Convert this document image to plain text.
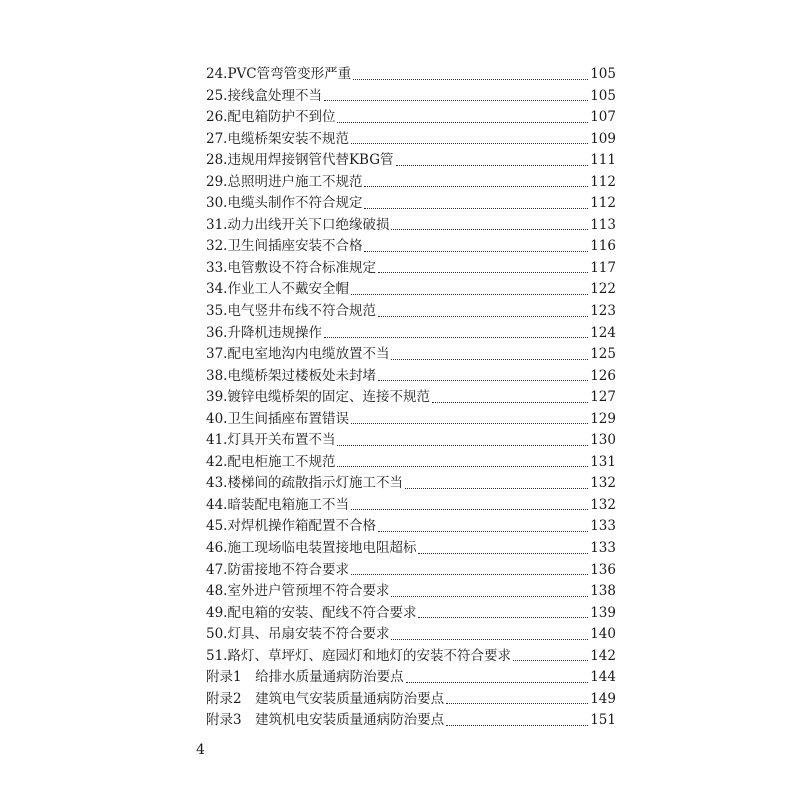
24.PVC管弯管变形严重	105
25.接线盒处理不当	105
26.配电箱防护不到位	107
27.电缆桥架安装不规范	109
28.违规用焊接钢管代替KBG管	111
29.总照明进户施工不规范	112
30.电缆头制作不符合规定	112
31.动力出线开关下口绝缘破损	113
32.卫生间插座安装不合格	116
33.电管敷设不符合标准规定	117
34.作业工人不戴安全帽	122
35.电气竖井布线不符合规范	123
36.升降机违规操作	124
37.配电室地沟内电缆放置不当	125
38.电缆桥架过楼板处未封堵	126
39.镀锌电缆桥架的固定、连接不规范	127
40.卫生间插座布置错误	129
41.灯具开关布置不当	130
42.配电柜施工不规范	131
43.楼梯间的疏散指示灯施工不当	132
44.暗装配电箱施工不当	132
45.对焊机操作箱配置不合格	133
46.施工现场临电装置接地电阻超标	133
47.防雷接地不符合要求	136
48.室外进户管预埋不符合要求	138
49.配电箱的安装、配线不符合要求	139
50.灯具、吊扇安装不符合要求	140
51.路灯、草坪灯、庭园灯和地灯的安装不符合要求	142
附录1　给排水质量通病防治要点	144
附录2　建筑电气安装质量通病防治要点	149
附录3　建筑机电安装质量通病防治要点	151
4
